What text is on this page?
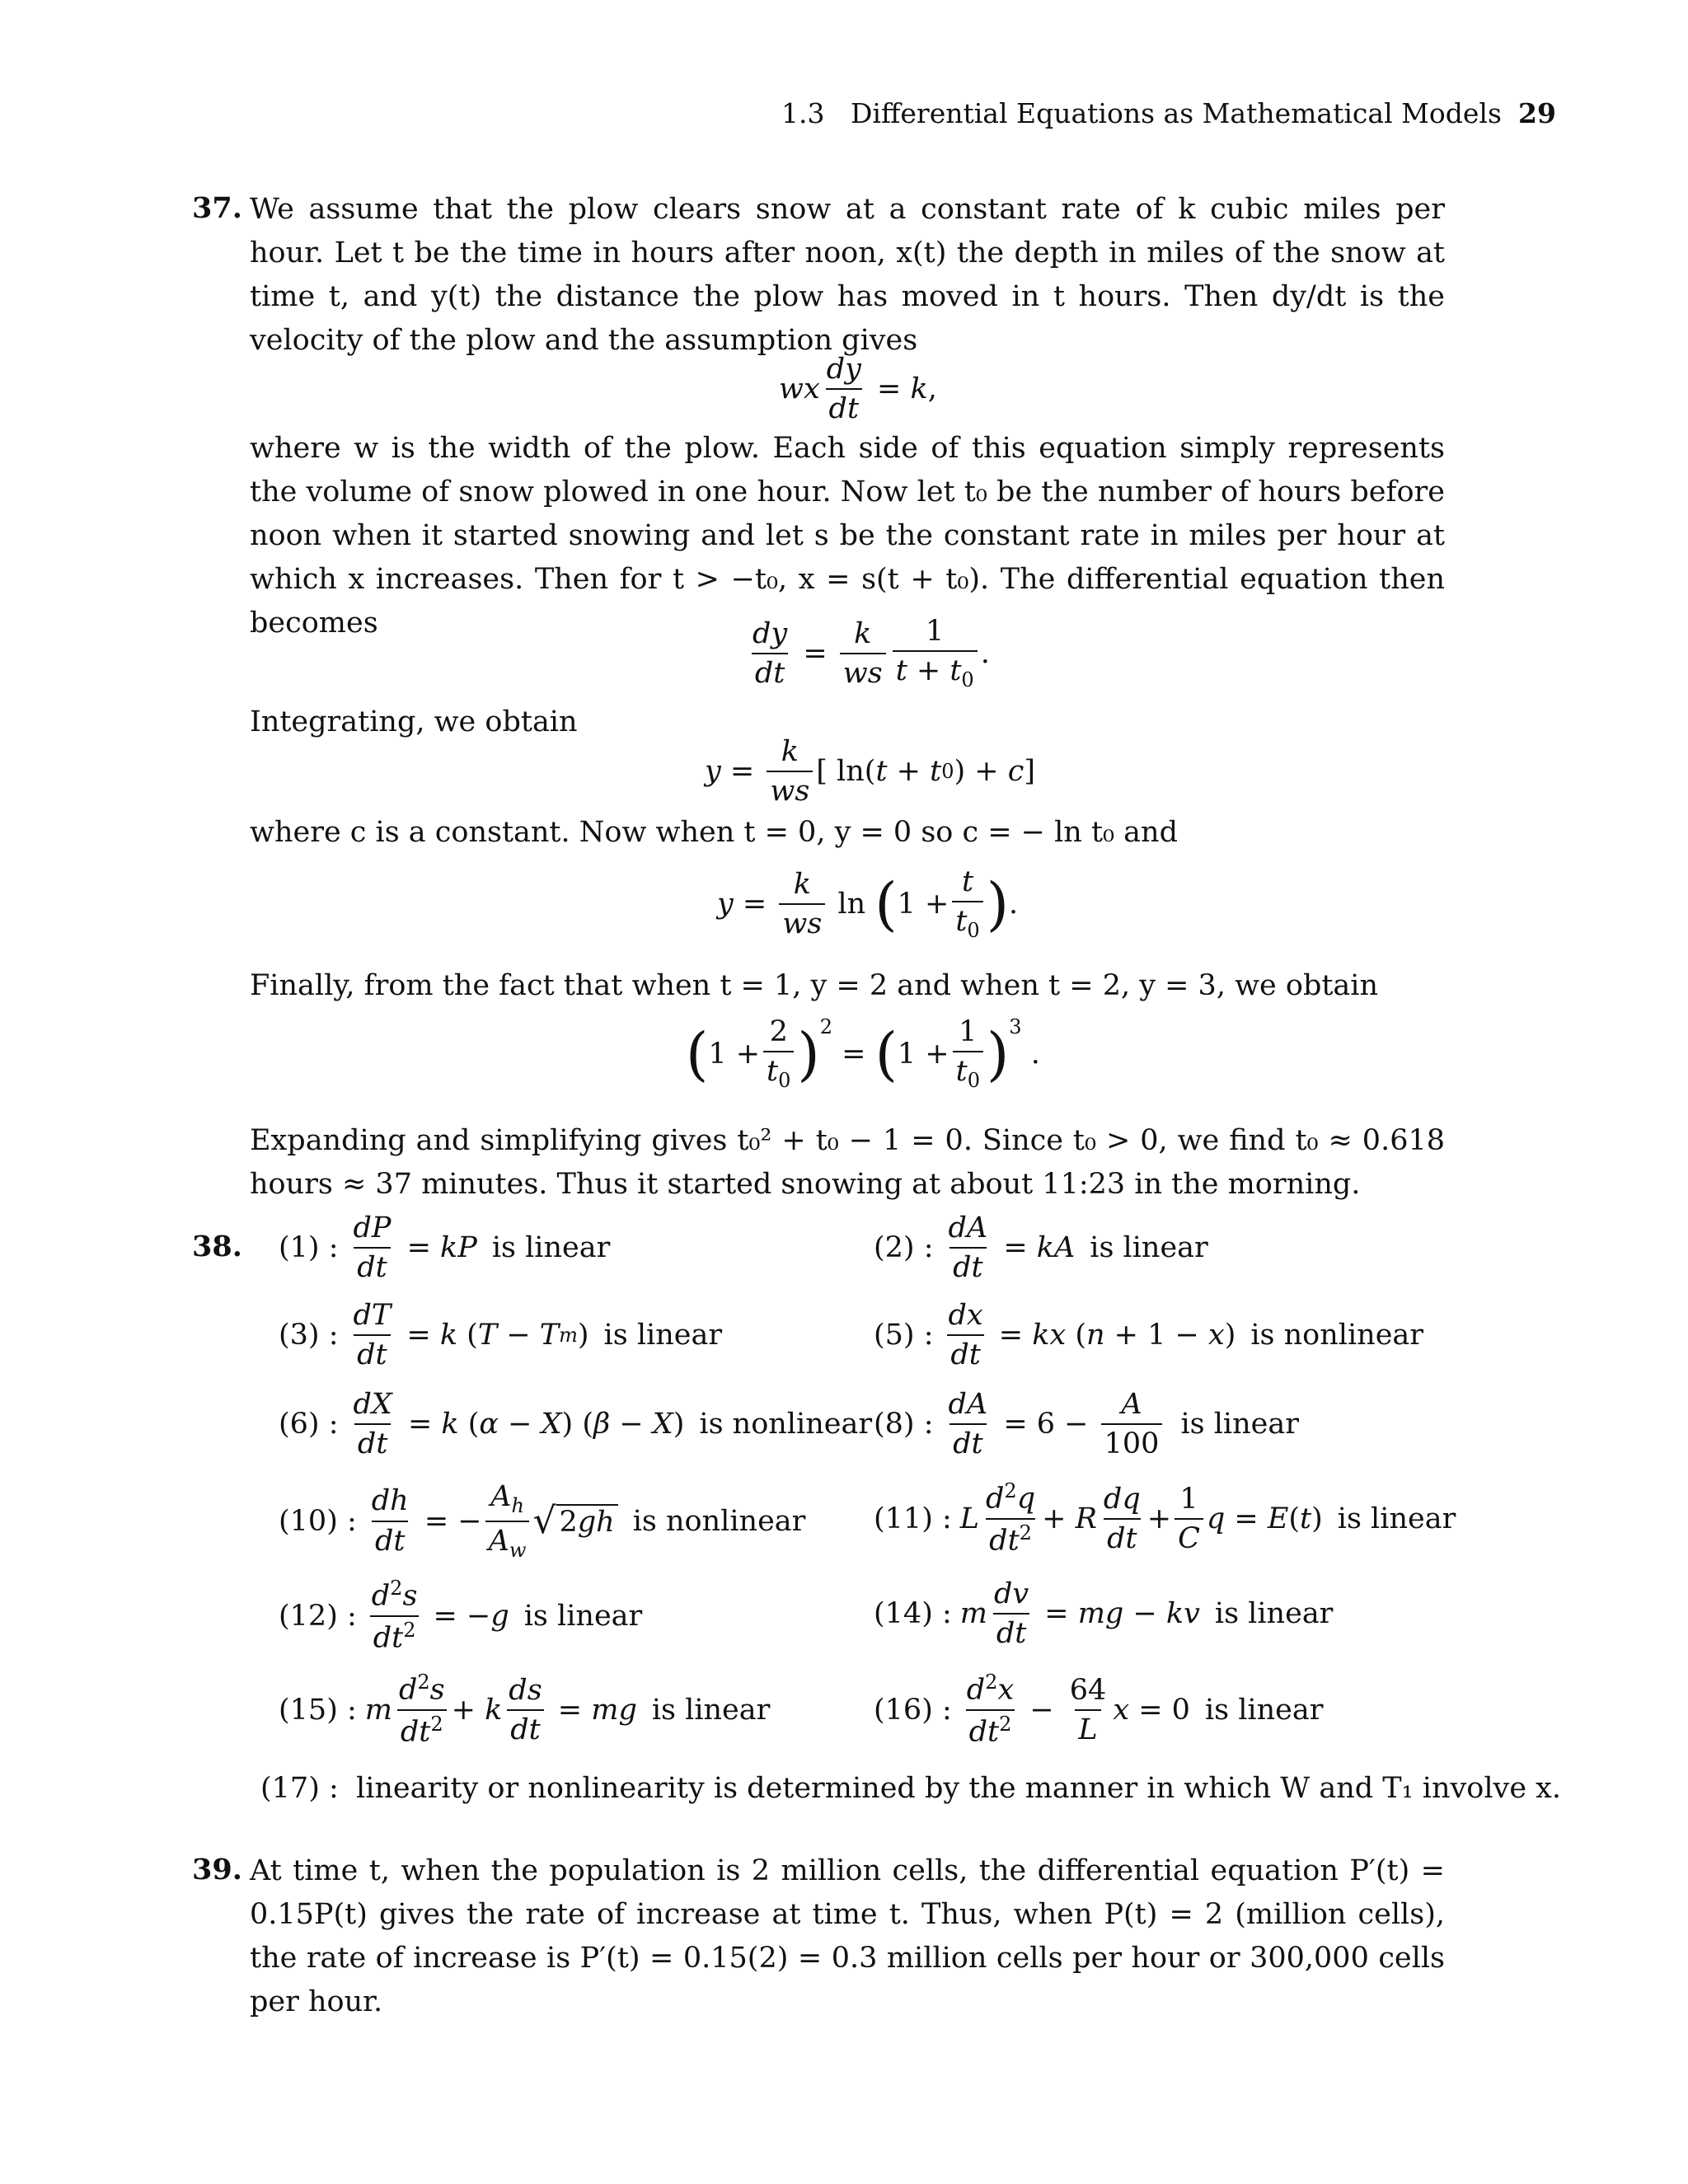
1.3   Differential Equations as Mathematical Models 29
37. We assume that the plow clears snow at a constant rate of k cubic miles per hour. Let t be the time in hours after noon, x(t) the depth in miles of the snow at time t, and y(t) the distance the plow has moved in t hours. Then dy/dt is the velocity of the plow and the assumption gives
wx $\frac{dy}{dt} = k$ ,
where w is the width of the plow. Each side of this equation simply represents the volume of snow plowed in one hour. Now let t₀ be the number of hours before noon when it started snowing and let s be the constant rate in miles per hour at which x increases. Then for t > −t₀, x = s(t + t₀). The differential equation then becomes	$\frac{dy}{dt} = \frac{k}{ws} \frac{1}{t + t_0}$ .
Integrating, we obtain
$y = \frac{k}{ws}$ [ ln( t + t 0 ) + c ]
where c is a constant. Now when t = 0, y = 0 so c = − ln t₀ and
$y = \frac{k}{ws}$ ln ( $1 + \frac{t}{t_0}$ ) .
Finally, from the fact that when t = 1, y = 2 and when t = 2, y = 3, we obtain
( $1 + \frac{2}{t_0}$ ) 2
= ( $1 + \frac{1}{t_0}$ ) 3
.
Expanding and simplifying gives t₀² + t₀ − 1 = 0. Since t₀ > 0, we find t₀ ≈ 0.618 hours ≈ 37 minutes. Thus it started snowing at about 11:23 in the morning.
38. (1) : $\frac{dP}{dt}$ = kP is linear	(2) : $\frac{dA}{dt}$ = kA is linear
(3) : $\frac{dT}{dt} = k$ ( T − T m ) is linear	(5) : $\frac{dx}{dt}$ = kx ( n + 1 − x ) is nonlinear
(6) : $\frac{dX}{dt} = k$ ( α − X ) ( β − X ) is nonlinear (8) : $\frac{dA}{dt} = 6 - \frac{A}{100}$ is linear
(10) : $\frac{dh}{dt}$ = − $\frac{A_h}{A_w}$ √ 2gh is nonlinear (11) : L $\frac{d^2q}{dt^2} + R \frac{dq}{dt} + \frac{1}{C}$ q = E ( t ) is linear
(12) : $\frac{d^2s}{dt^2}$ = − g is linear	(14) : m $\frac{dv}{dt}$ = mg − kv is linear
(15) : m $\frac{d^2s}{dt^2} + k \frac{ds}{dt}$ = mg is linear	(16) : $\frac{d^2x}{dt^2} - \frac{64}{L}$ x = 0 is linear
(17) : linearity or nonlinearity is determined by the manner in which W and T₁ involve x.
39. At time t, when the population is 2 million cells, the differential equation P′(t) = 0.15P(t) gives the rate of increase at time t. Thus, when P(t) = 2 (million cells), the rate of increase is P′(t) = 0.15(2) = 0.3 million cells per hour or 300,000 cells per hour.
